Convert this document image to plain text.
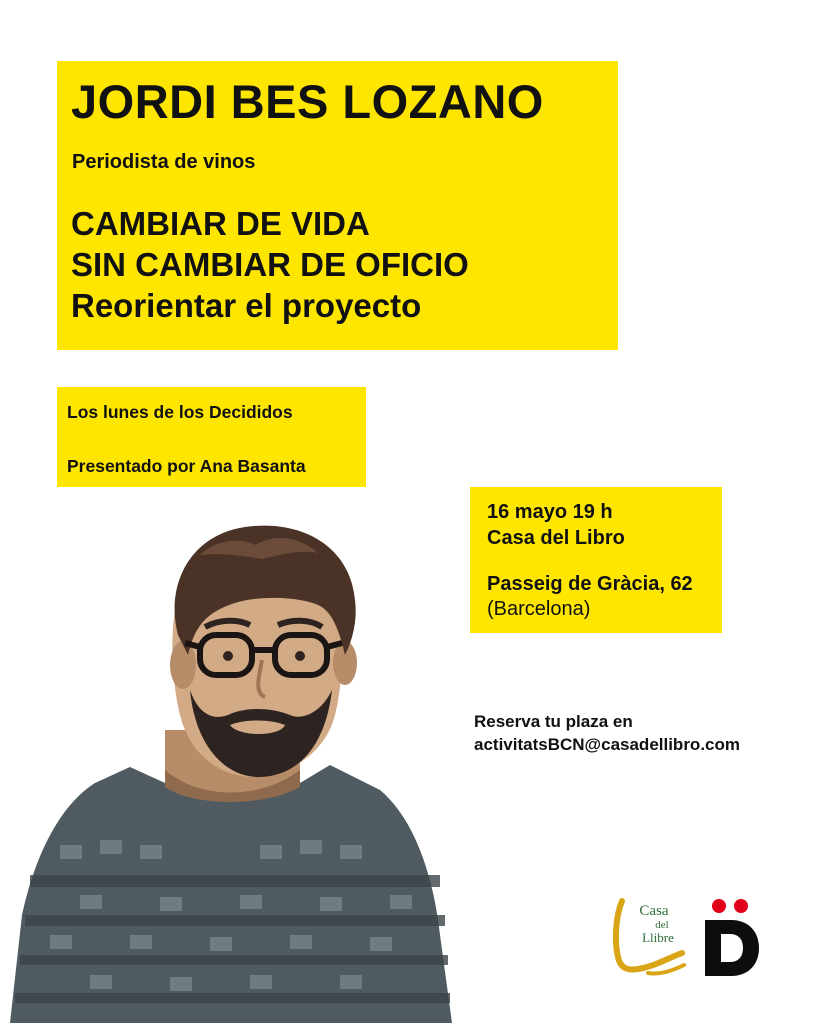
JORDI BES LOZANO
Periodista de vinos
CAMBIAR DE VIDA
SIN CAMBIAR DE OFICIO
Reorientar el proyecto
Los lunes de los Decididos
Presentado por Ana Basanta
16 mayo 19 h
Casa del Libro
Passeig de Gràcia, 62
(Barcelona)
Reserva tu plaza en
activitatsBCN@casadellibro.com
Casa
del
Llibre
